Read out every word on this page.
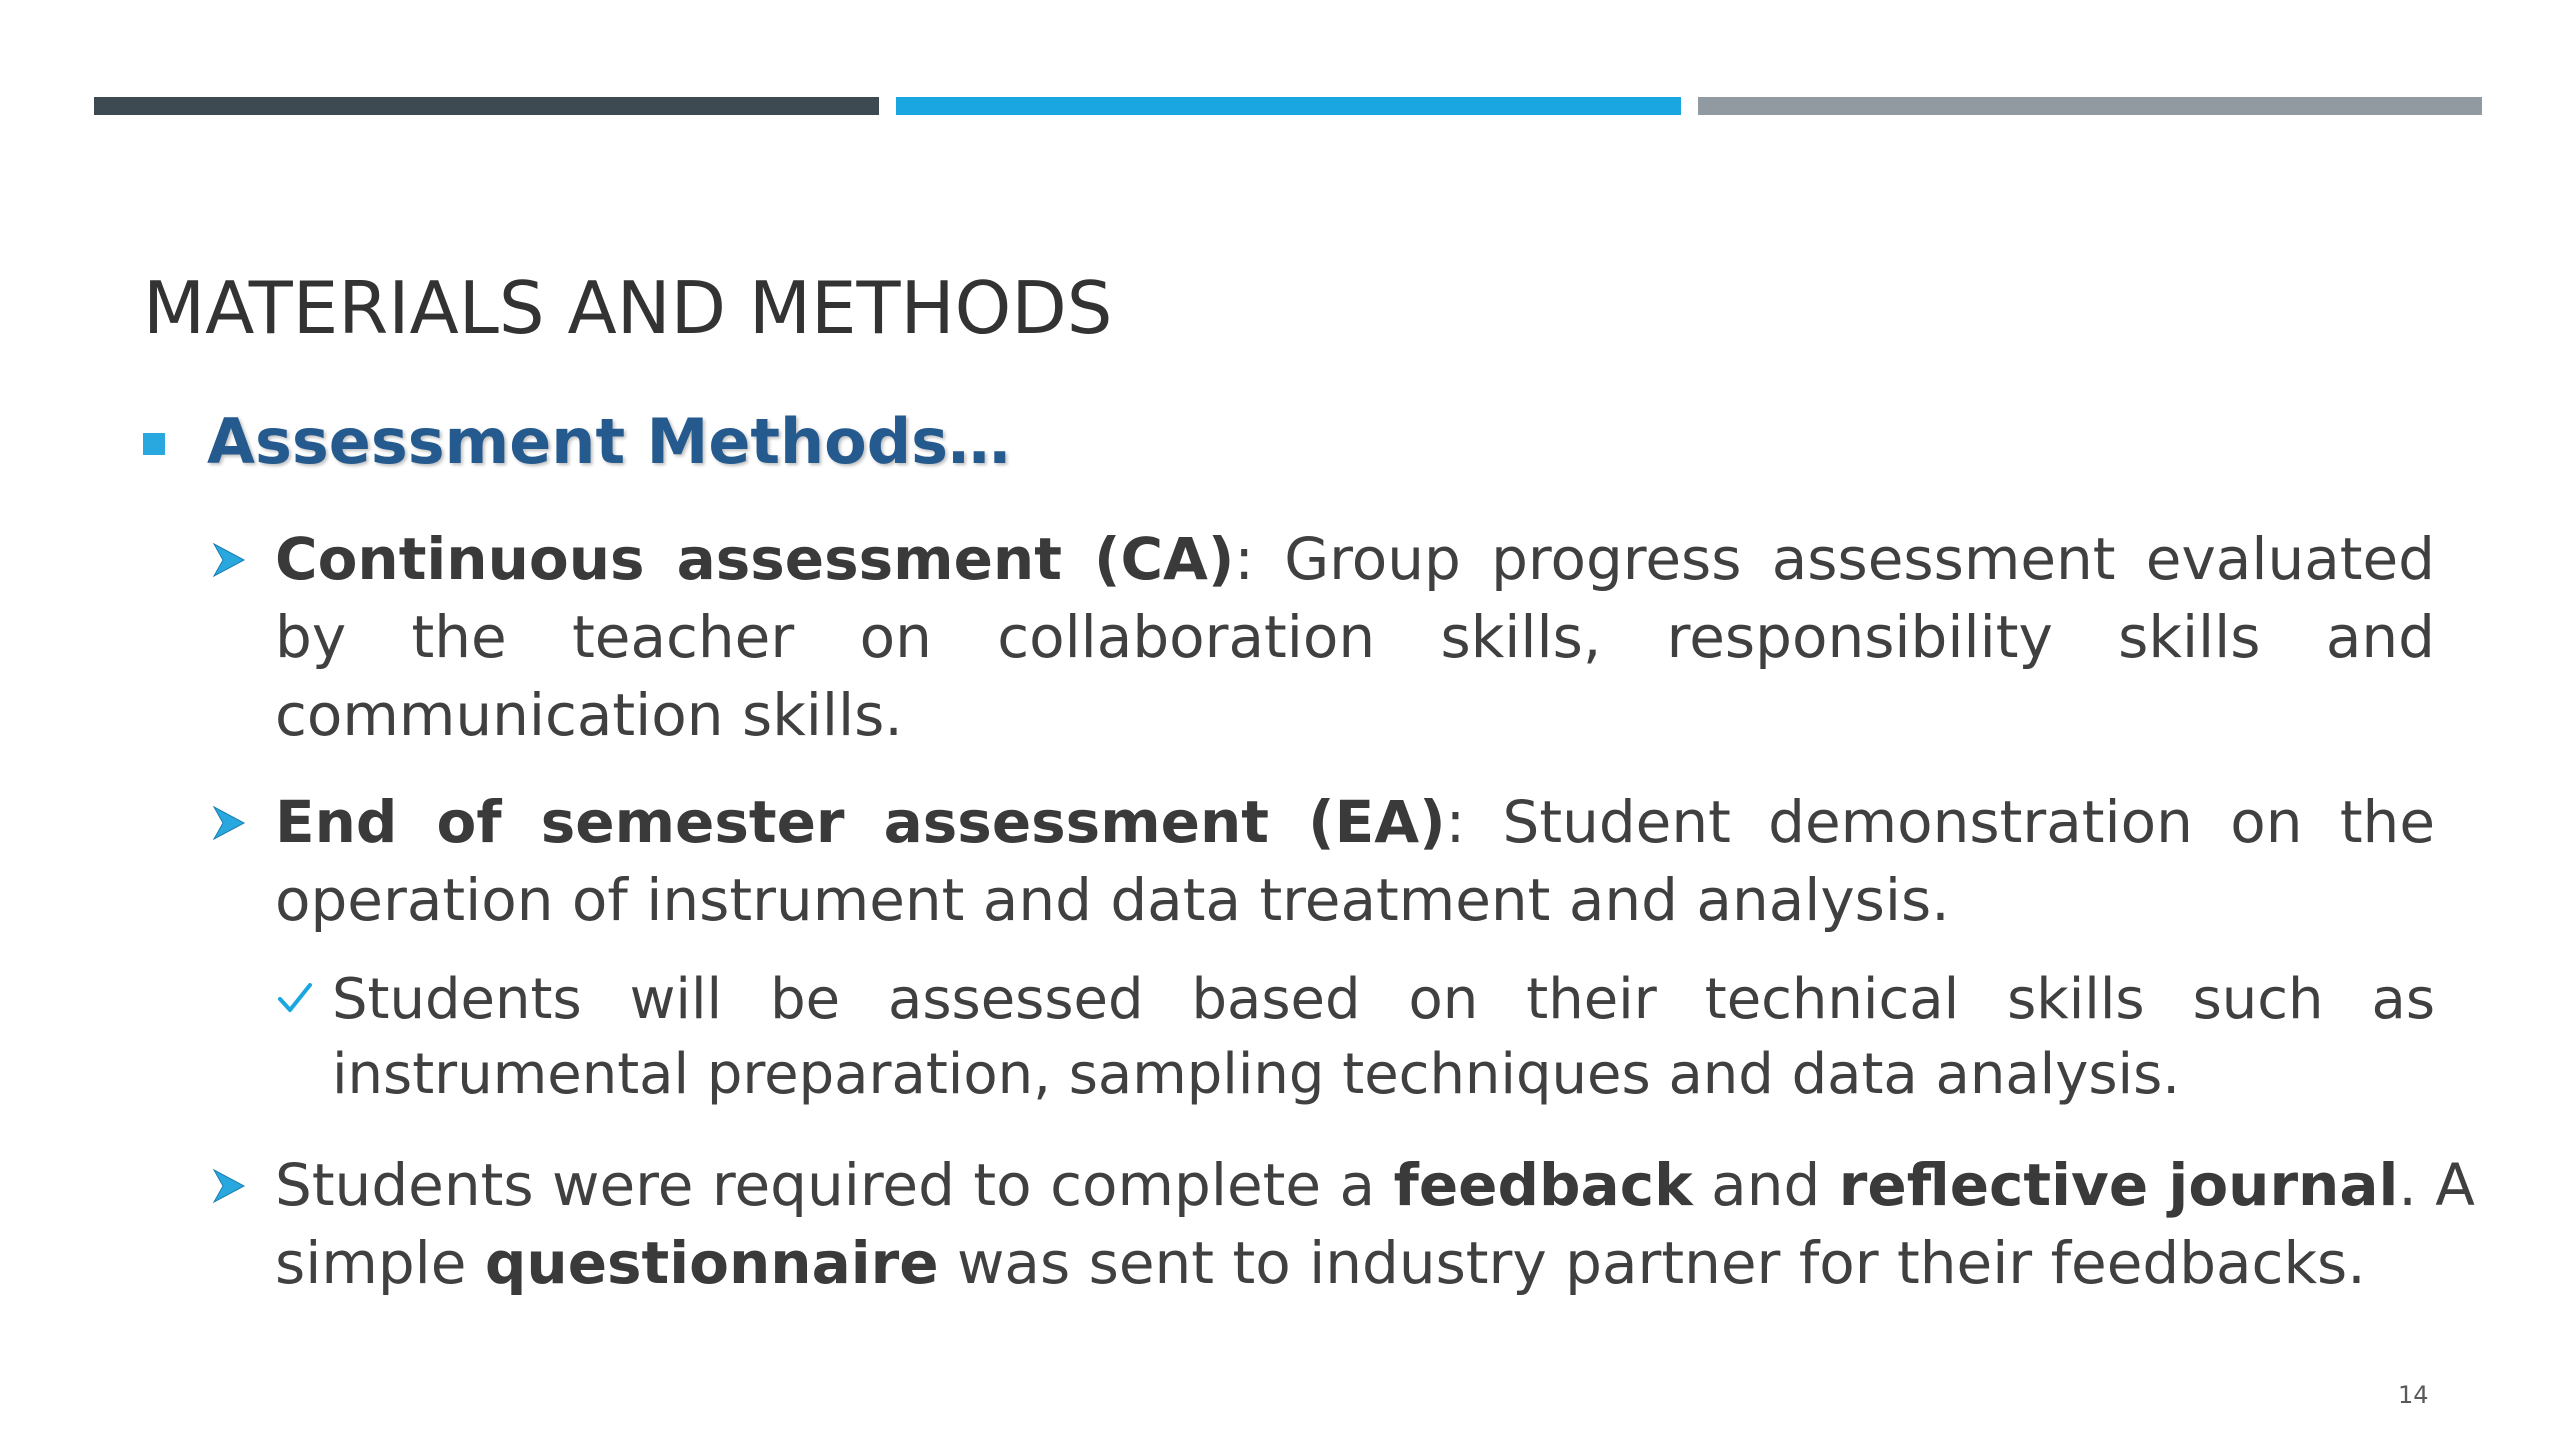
MATERIALS AND METHODS
Assessment Methods…
Continuous assessment (CA): Group progress assessment evaluated by the teacher on collaboration skills, responsibility skills and communication skills.
End of semester assessment (EA): Student demonstration on the operation of instrument and data treatment and analysis.
Students will be assessed based on their technical skills such as instrumental preparation, sampling techniques and data analysis.
Students were required to complete a feedback and reflective journal. A simple questionnaire was sent to industry partner for their feedbacks.
14
